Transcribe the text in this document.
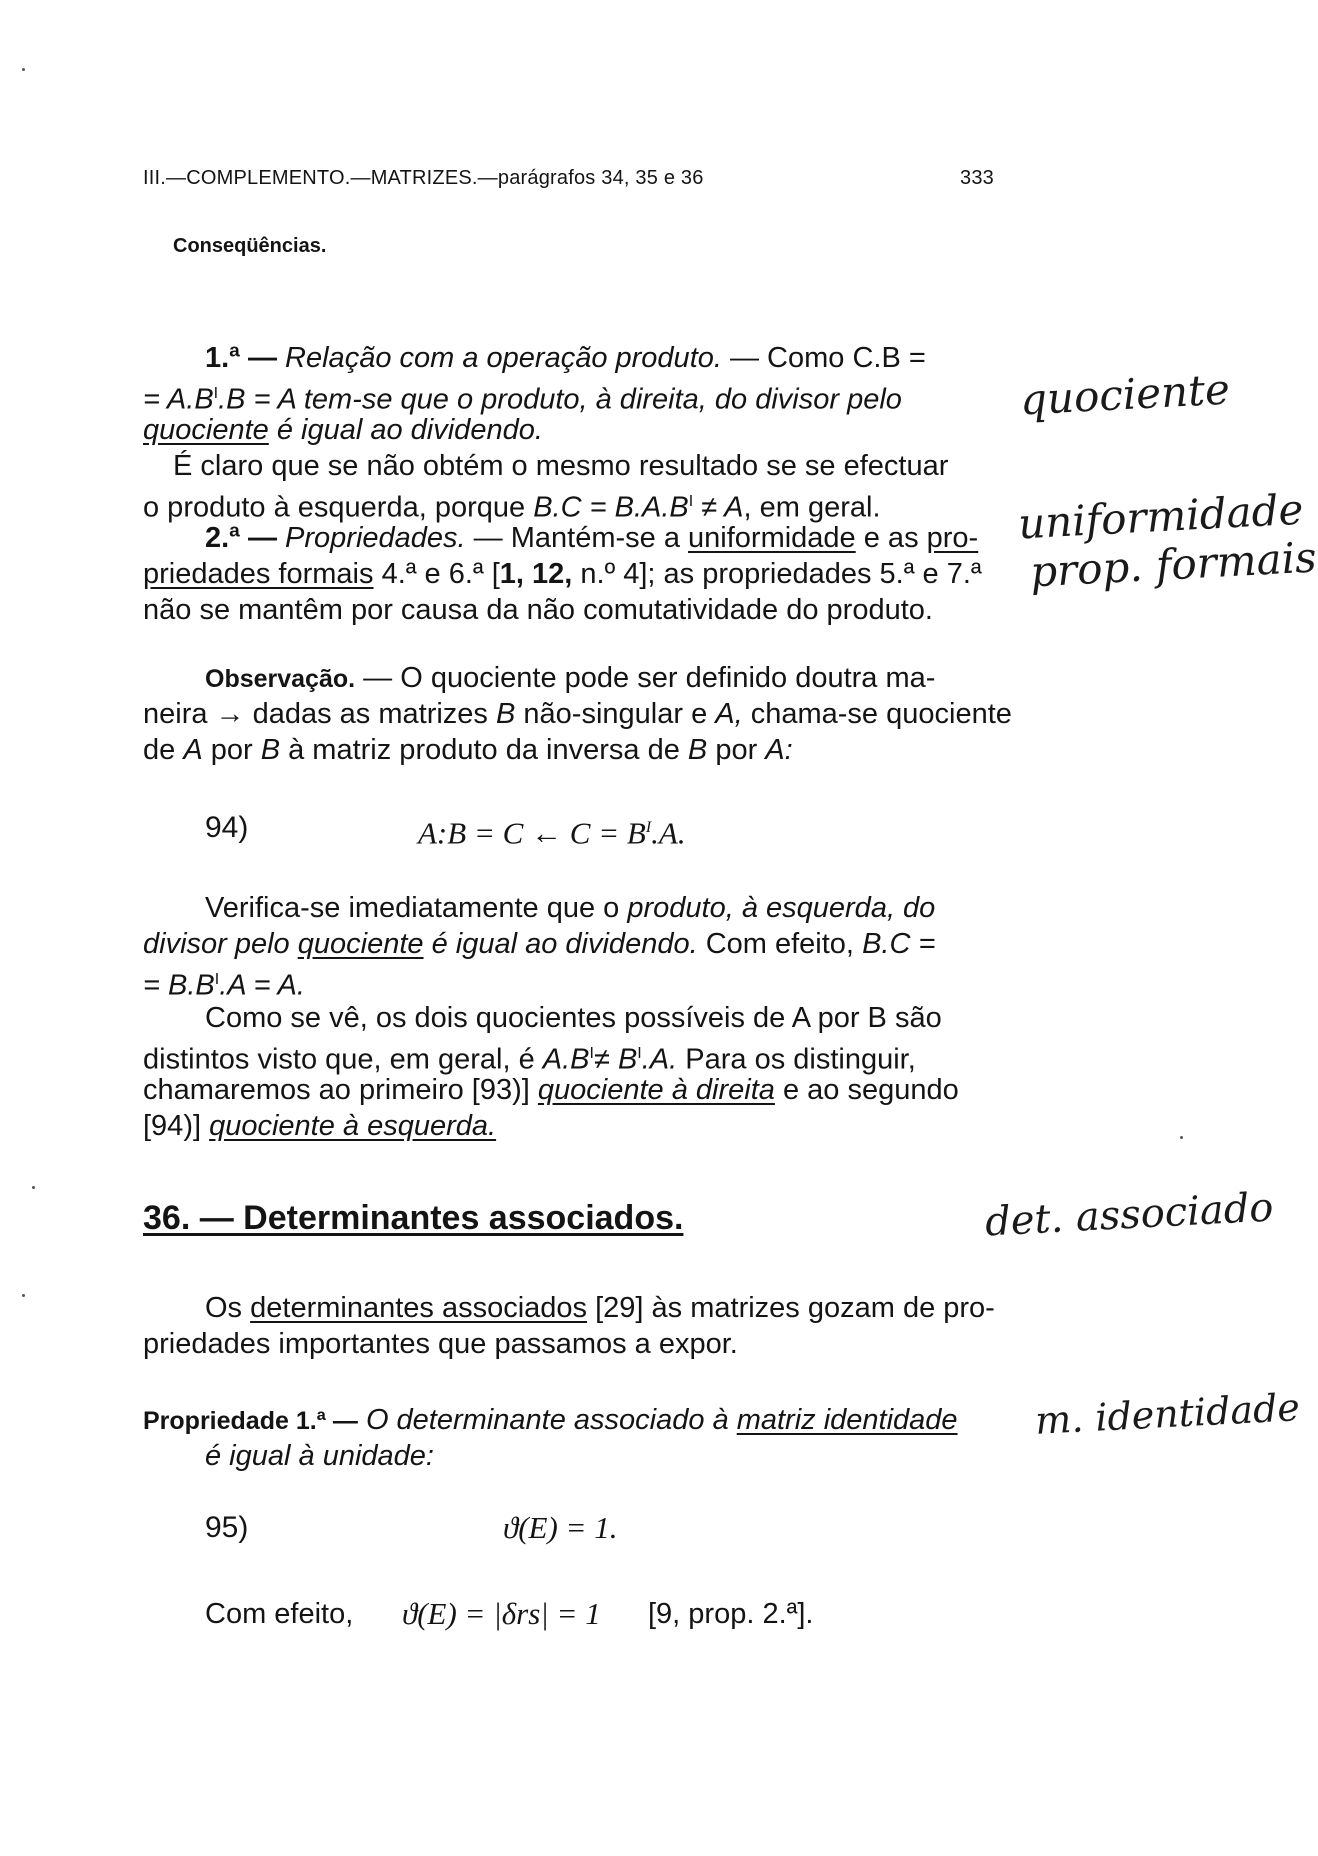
III.—COMPLEMENTO.—MATRIZES.—parágrafos 34, 35 e 36	333
Conseqüências.
1.ª — Relação com a operação produto. — Como C.B =
= $A.B^I.B = A$ tem-se que o produto, à direita, do divisor pelo
quociente é igual ao dividendo.
É claro que se não obtém o mesmo resultado se se efectuar
o produto à esquerda, porque $B.C = B.A.B^I \ne A$, em geral.
2.ª — Propriedades. — Mantém-se a uniformidade e as pro-
priedades formais 4.ª e 6.ª [1, 12, n.º 4]; as propriedades 5.ª e 7.ª
não se mantêm por causa da não comutatividade do produto.
Observação. — O quociente pode ser definido doutra ma-
neira → dadas as matrizes B não-singular e A, chama-se quociente
de A por B à matriz produto da inversa de B por A:
94)	A:B = C ← $C = B^I.A$.
Verifica-se imediatamente que o produto, à esquerda, do
divisor pelo quociente é igual ao dividendo. Com efeito, B.C =
= $B.B^I.A = A$.
Como se vê, os dois quocientes possíveis de A por B são
distintos visto que, em geral, é $A.B^I\ne B^I.A$. Para os distinguir,
chamaremos ao primeiro [93)] quociente à direita e ao segundo
[94)] quociente à esquerda.
36. — Determinantes associados.
Os determinantes associados [29] às matrizes gozam de pro-
priedades importantes que passamos a expor.
Propriedade 1.ª — O determinante associado à matriz identidade
é igual à unidade:
95)	ϑ(E) = 1.
Com efeito, ϑ(E) = |δrs| = 1 [9, prop. 2.ª].
quociente
uniformidade
prop. formais
det. associado
m. identidade
